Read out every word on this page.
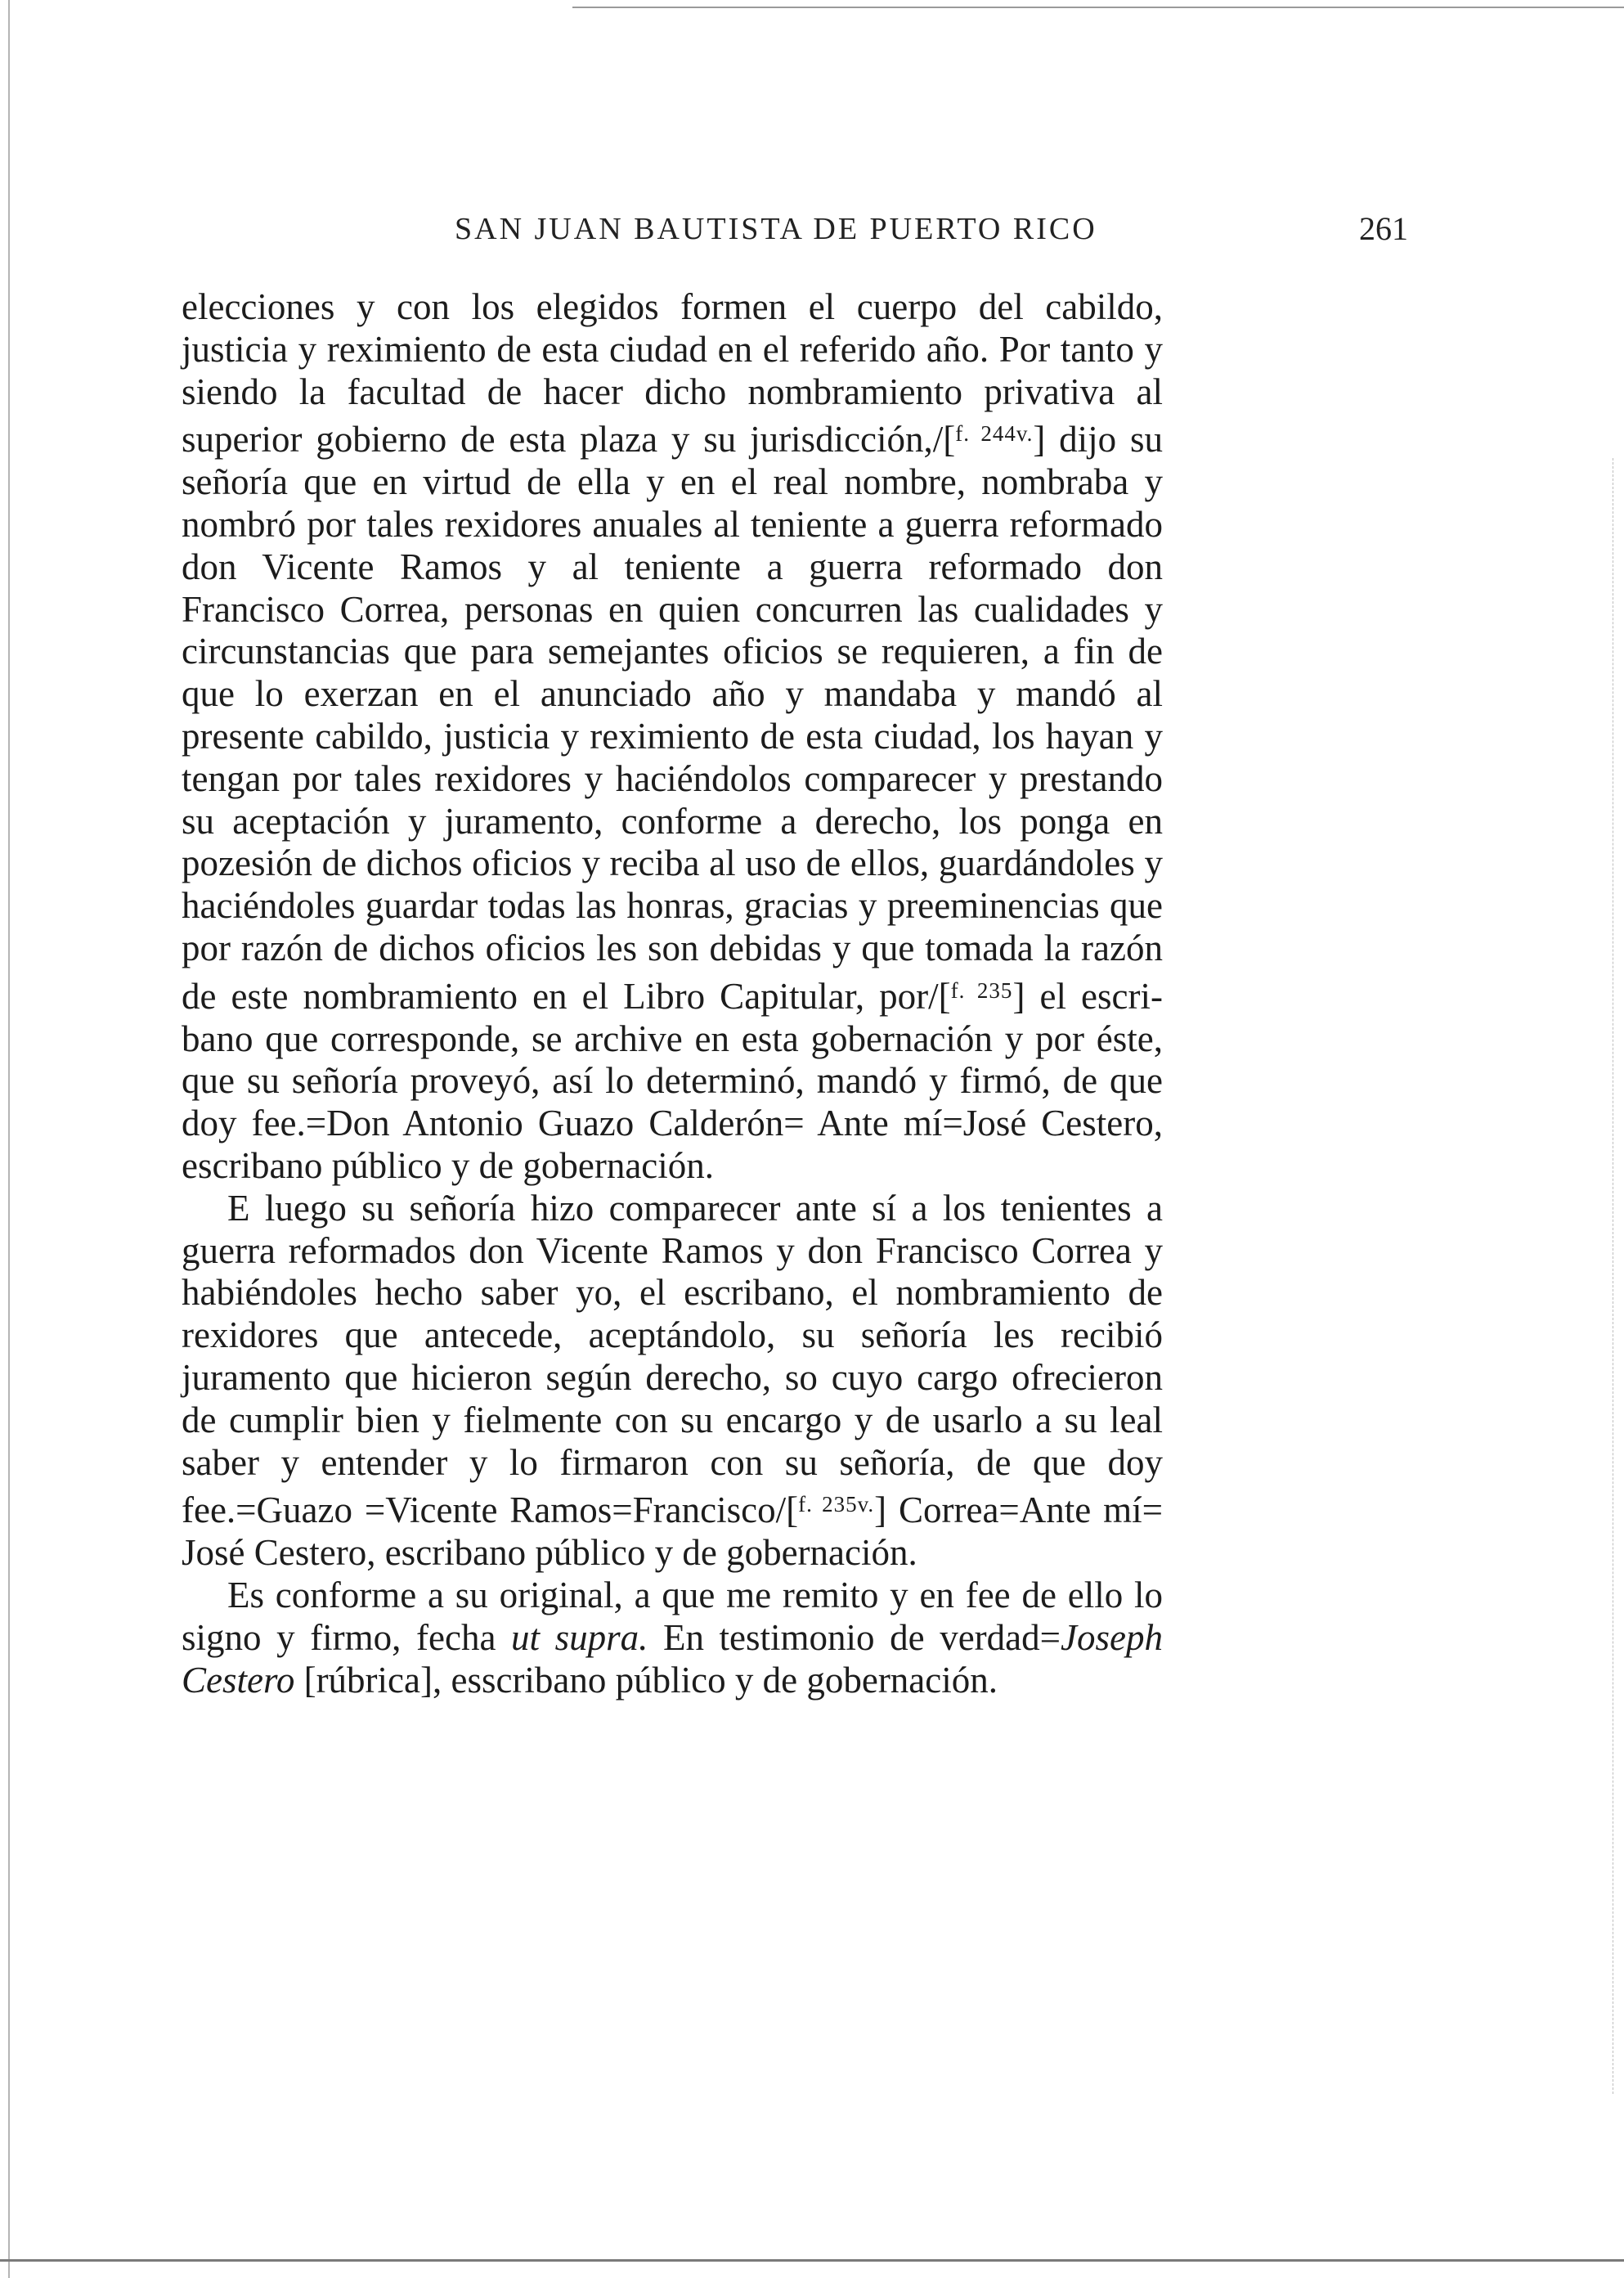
SAN JUAN BAUTISTA DE PUERTO RICO	261

elecciones y con los elegidos formen el cuerpo del cabildo, justicia y reximiento de esta ciudad en el referido año. Por tanto y siendo la facultad de hacer dicho nombramiento privativa al superior gobierno de esta plaza y su jurisdicción,/[$^{f. 244v.}$] dijo su señoría que en virtud de ella y en el real nombre, nombraba y nombró por tales rexidores anuales al teniente a guerra reformado don Vicente Ramos y al teniente a guerra reformado don Francisco Correa, personas en quien concurren las cualidades y circunstancias que para semejantes oficios se requieren, a fin de que lo exerzan en el anunciado año y mandaba y mandó al presente cabildo, justicia y reximiento de esta ciudad, los hayan y tengan por tales rexidores y haciéndolos comparecer y prestando su aceptación y juramento, conforme a derecho, los ponga en pozesión de dichos oficios y reciba al uso de ellos, guardándoles y haciéndoles guardar todas las honras, gracias y preeminencias que por razón de dichos oficios les son debidas y que tomada la razón de este nombramiento en el Libro Capitular, por/[$^{f. 235}$] el escribano que corresponde, se archive en esta gobernación y por éste, que su señoría proveyó, así lo determinó, mandó y firmó, de que doy fee.=Don Antonio Guazo Calderón= Ante mí=José Cestero, escribano público y de gobernación.

E luego su señoría hizo comparecer ante sí a los tenientes a guerra reformados don Vicente Ramos y don Francisco Correa y habiéndoles hecho saber yo, el escribano, el nombramiento de rexidores que antecede, aceptándolo, su señoría les recibió juramento que hicieron según derecho, so cuyo cargo ofrecieron de cumplir bien y fielmente con su encargo y de usarlo a su leal saber y entender y lo firmaron con su señoría, de que doy fee.=Guazo =Vicente Ramos=Francisco/[$^{f. 235v.}$] Correa=Ante mí= José Cestero, escribano público y de gobernación.

Es conforme a su original, a que me remito y en fee de ello lo signo y firmo, fecha ut supra. En testimonio de verdad=Joseph Cestero [rúbrica], esscribano público y de gobernación.
